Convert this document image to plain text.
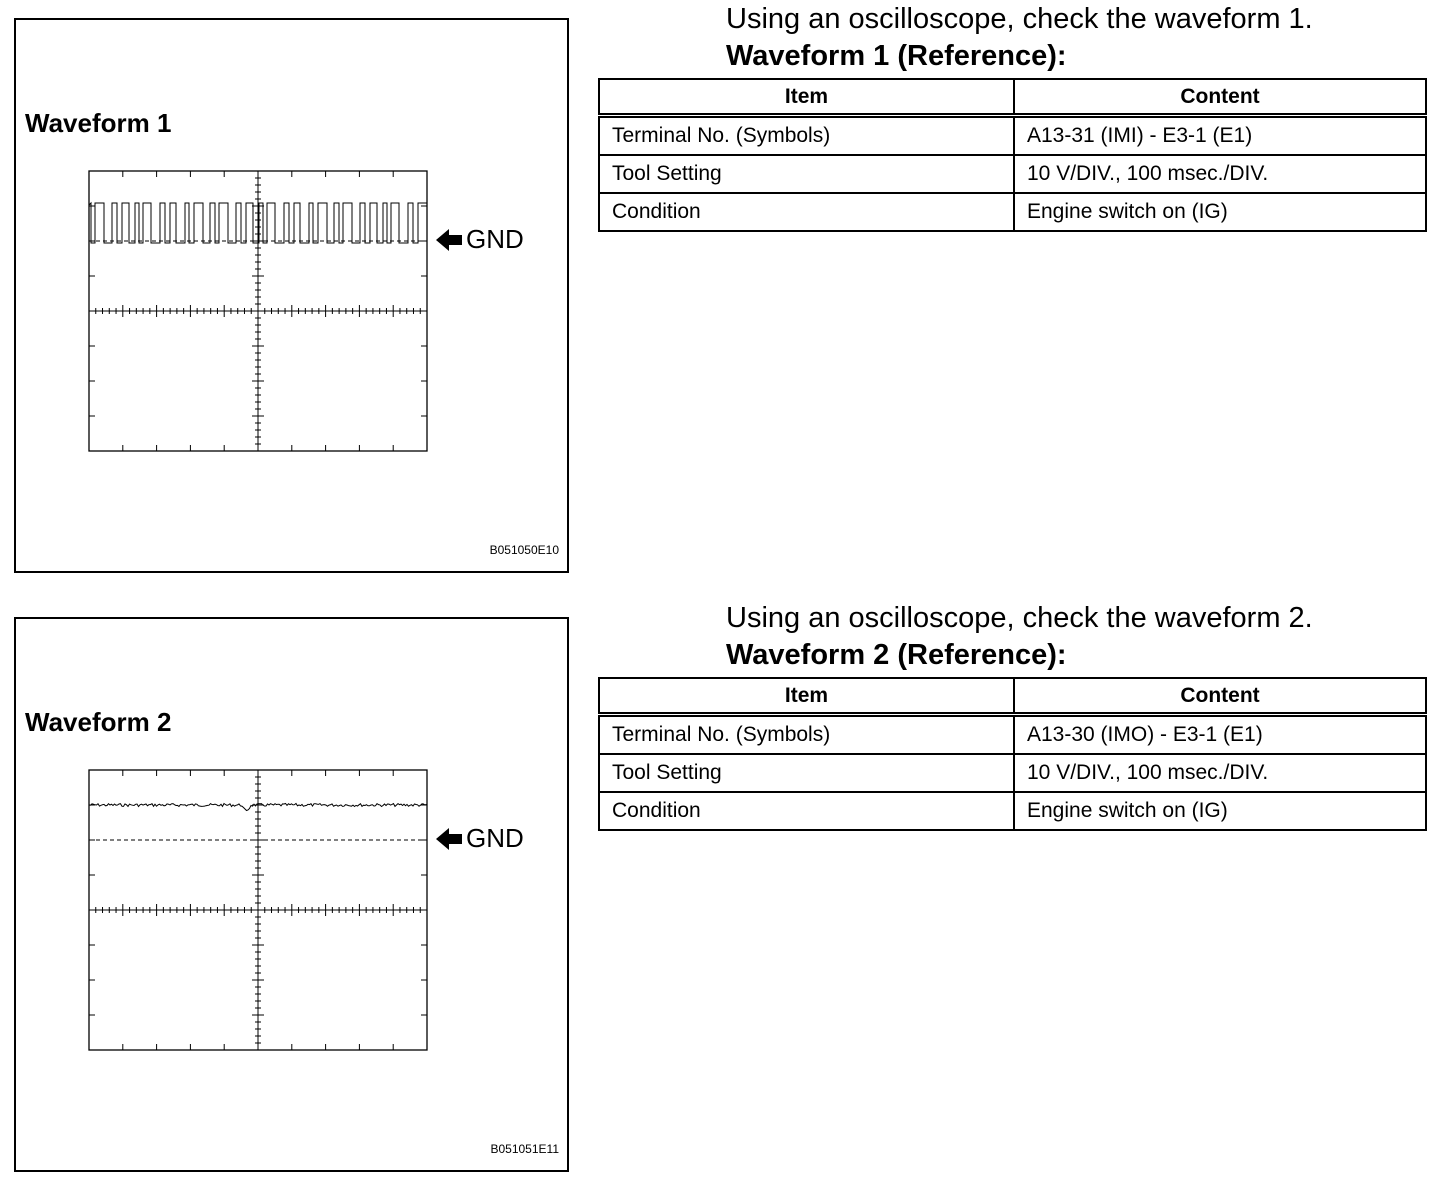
Waveform 1
GND
B051050E10
Using an oscilloscope, check the waveform 1.
Waveform 1 (Reference):
Item	Content
Terminal No. (Symbols)	A13-31 (IMI) - E3-1 (E1)
Tool Setting	10 V/DIV., 100 msec./DIV.
Condition	Engine switch on (IG)
Waveform 2
GND
B051051E11
Using an oscilloscope, check the waveform 2.
Waveform 2 (Reference):
Item	Content
Terminal No. (Symbols)	A13-30 (IMO) - E3-1 (E1)
Tool Setting	10 V/DIV., 100 msec./DIV.
Condition	Engine switch on (IG)
